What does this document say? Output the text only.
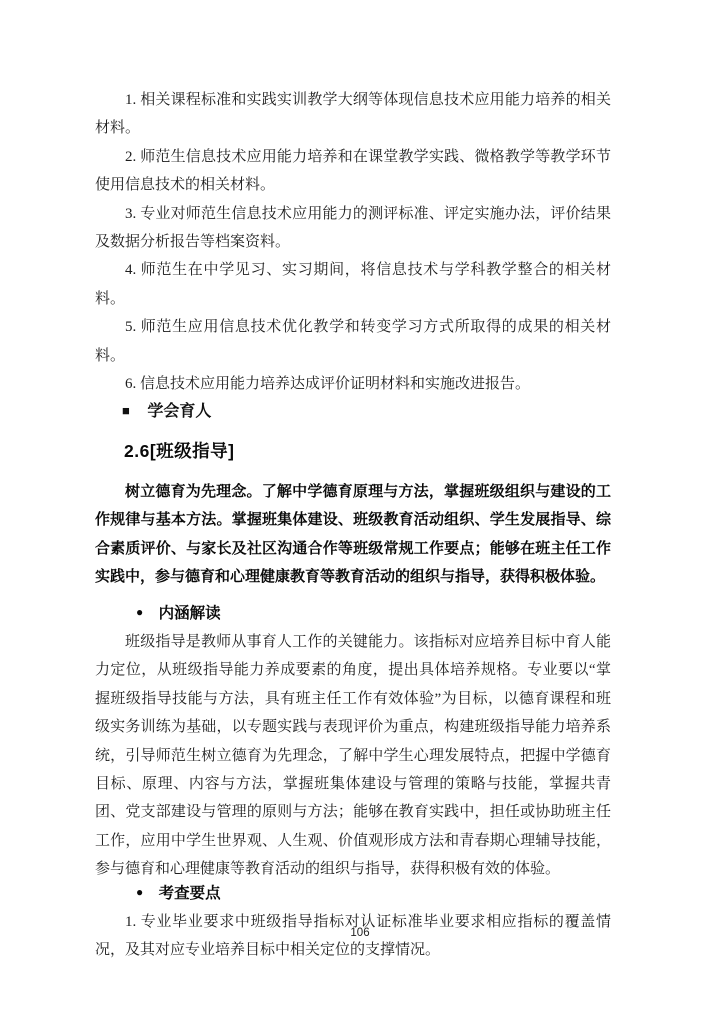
1. 相关课程标准和实践实训教学大纲等体现信息技术应用能力培养的相关材料。

2. 师范生信息技术应用能力培养和在课堂教学实践、微格教学等教学环节使用信息技术的相关材料。

3. 专业对师范生信息技术应用能力的测评标准、评定实施办法，评价结果及数据分析报告等档案资料。

4. 师范生在中学见习、实习期间，将信息技术与学科教学整合的相关材料。

5. 师范生应用信息技术优化教学和转变学习方式所取得的成果的相关材料。

6. 信息技术应用能力培养达成评价证明材料和实施改进报告。

■ 学会育人
2.6[班级指导]

树立德育为先理念。了解中学德育原理与方法，掌握班级组织与建设的工作规律与基本方法。掌握班集体建设、班级教育活动组织、学生发展指导、综合素质评价、与家长及社区沟通合作等班级常规工作要点；能够在班主任工作实践中，参与德育和心理健康教育等教育活动的组织与指导，获得积极体验。

● 内涵解读

班级指导是教师从事育人工作的关键能力。该指标对应培养目标中育人能力定位，从班级指导能力养成要素的角度，提出具体培养规格。专业要以“掌握班级指导技能与方法，具有班主任工作有效体验”为目标，以德育课程和班级实务训练为基础，以专题实践与表现评价为重点，构建班级指导能力培养系统，引导师范生树立德育为先理念，了解中学生心理发展特点，把握中学德育目标、原理、内容与方法，掌握班集体建设与管理的策略与技能，掌握共青团、党支部建设与管理的原则与方法；能够在教育实践中，担任或协助班主任工作，应用中学生世界观、人生观、价值观形成方法和青春期心理辅导技能，参与德育和心理健康等教育活动的组织与指导，获得积极有效的体验。

● 考查要点

1. 专业毕业要求中班级指导指标对认证标准毕业要求相应指标的覆盖情况，及其对应专业培养目标中相关定位的支撑情况。

106
